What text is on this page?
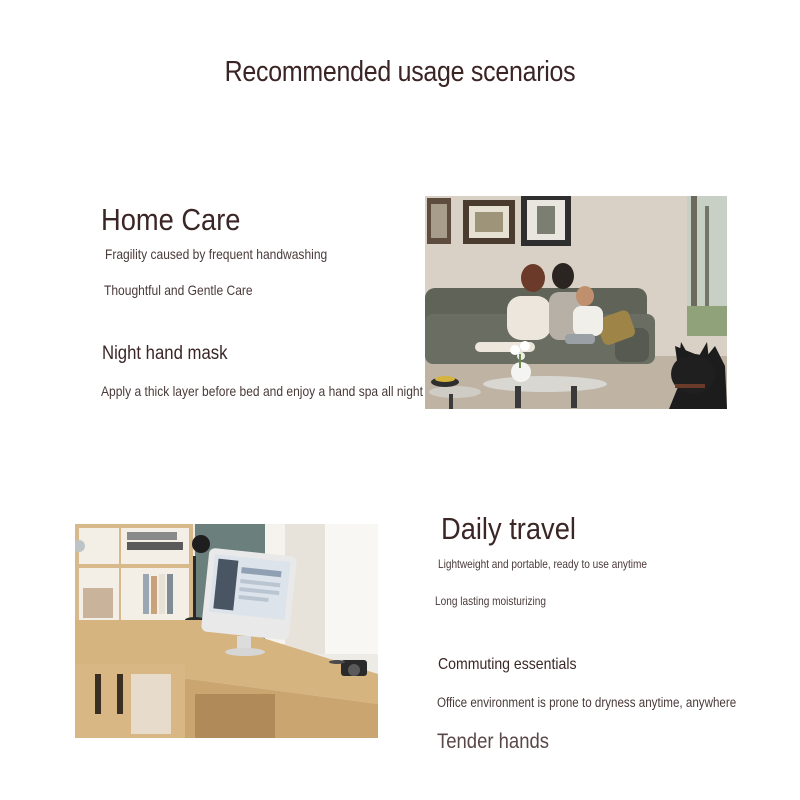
Recommended usage scenarios
Home Care
Fragility caused by frequent handwashing
Thoughtful and Gentle Care
Night hand mask
Apply a thick layer before bed and enjoy a hand spa all night
Daily travel
Lightweight and portable, ready to use anytime
Long lasting moisturizing
Commuting essentials
Office environment is prone to dryness anytime, anywhere
Tender hands
